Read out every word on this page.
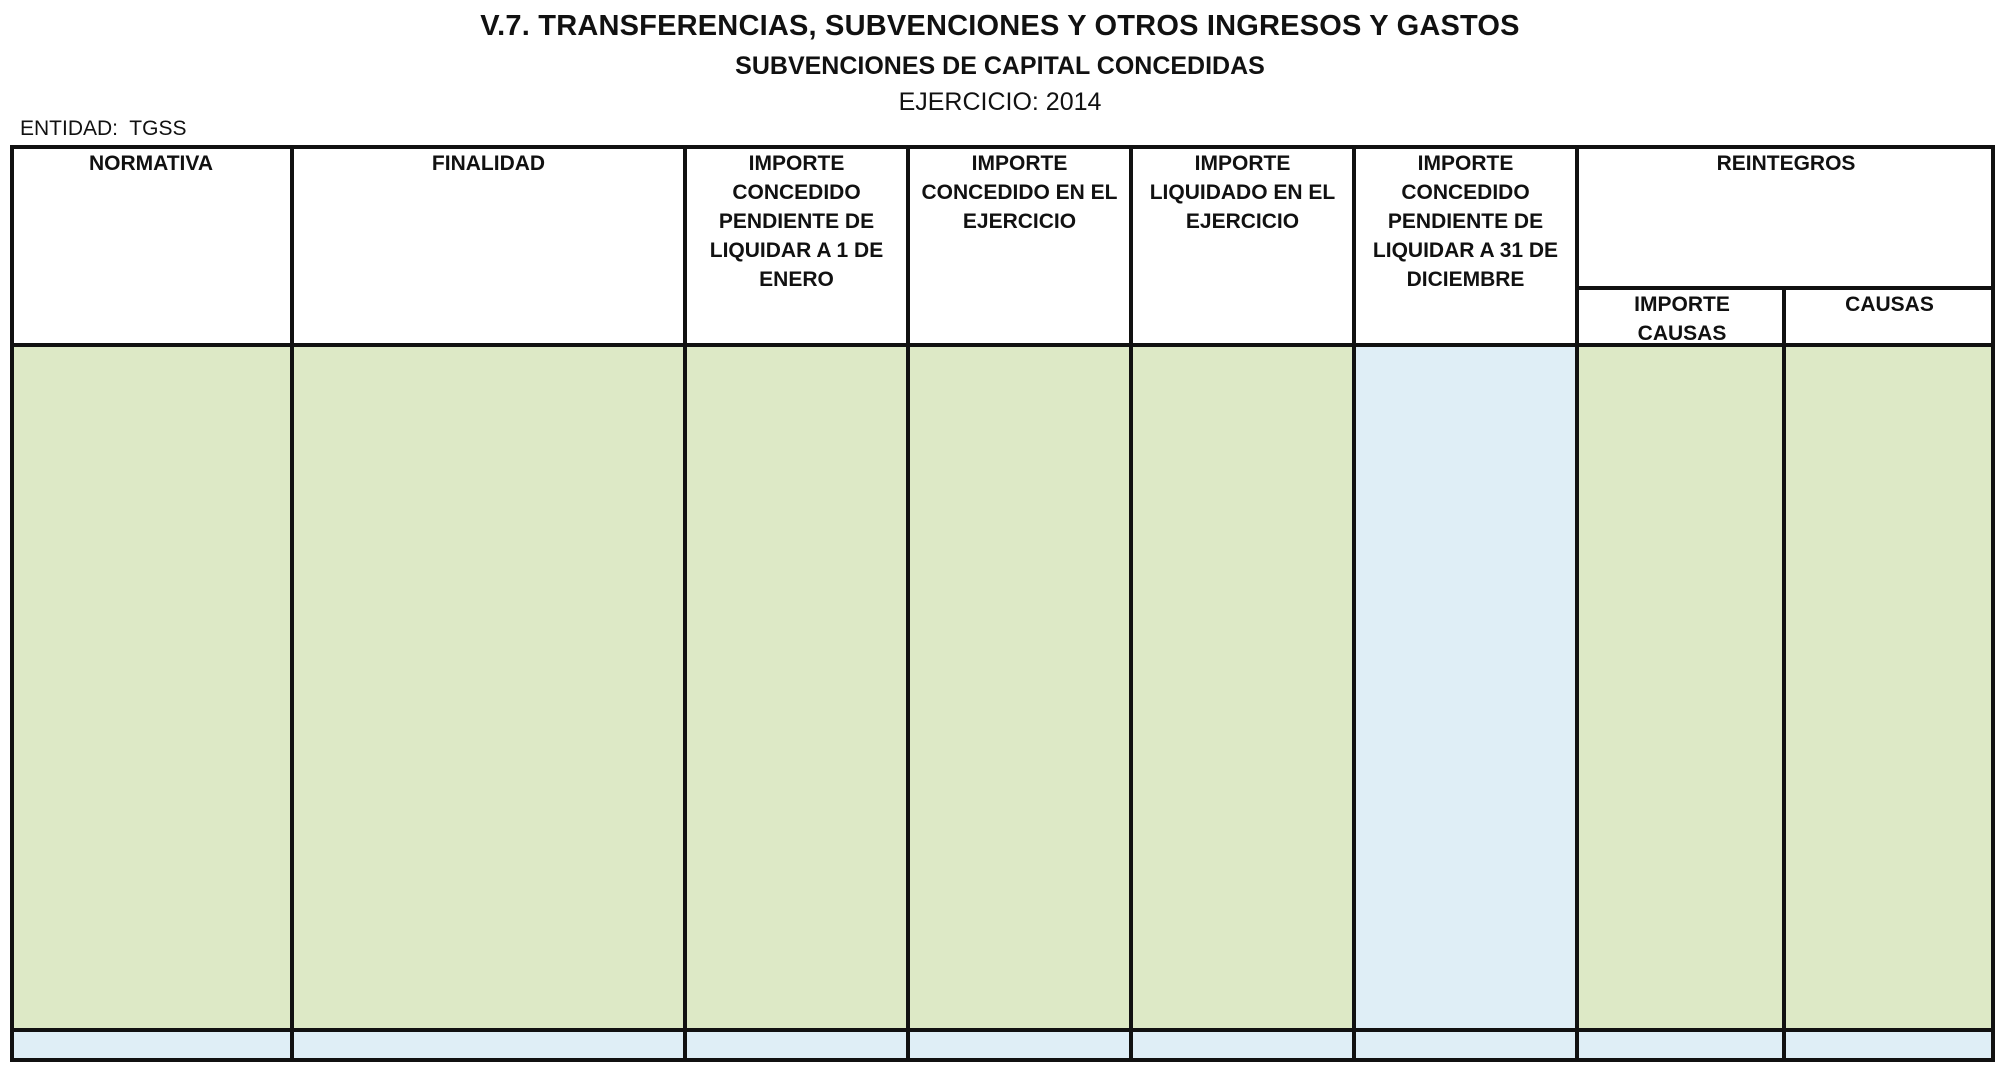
V.7. TRANSFERENCIAS, SUBVENCIONES Y OTROS INGRESOS Y GASTOS
SUBVENCIONES DE CAPITAL CONCEDIDAS
EJERCICIO: 2014
ENTIDAD:  TGSS
NORMATIVA	FINALIDAD	IMPORTE CONCEDIDO PENDIENTE DE LIQUIDAR A 1 DE ENERO
IMPORTE CONCEDIDO EN EL EJERCICIO
IMPORTE LIQUIDADO EN EL EJERCICIO
IMPORTE CONCEDIDO PENDIENTE DE LIQUIDAR A 31 DE DICIEMBRE
REINTEGROS
IMPORTE CAUSAS
CAUSAS
